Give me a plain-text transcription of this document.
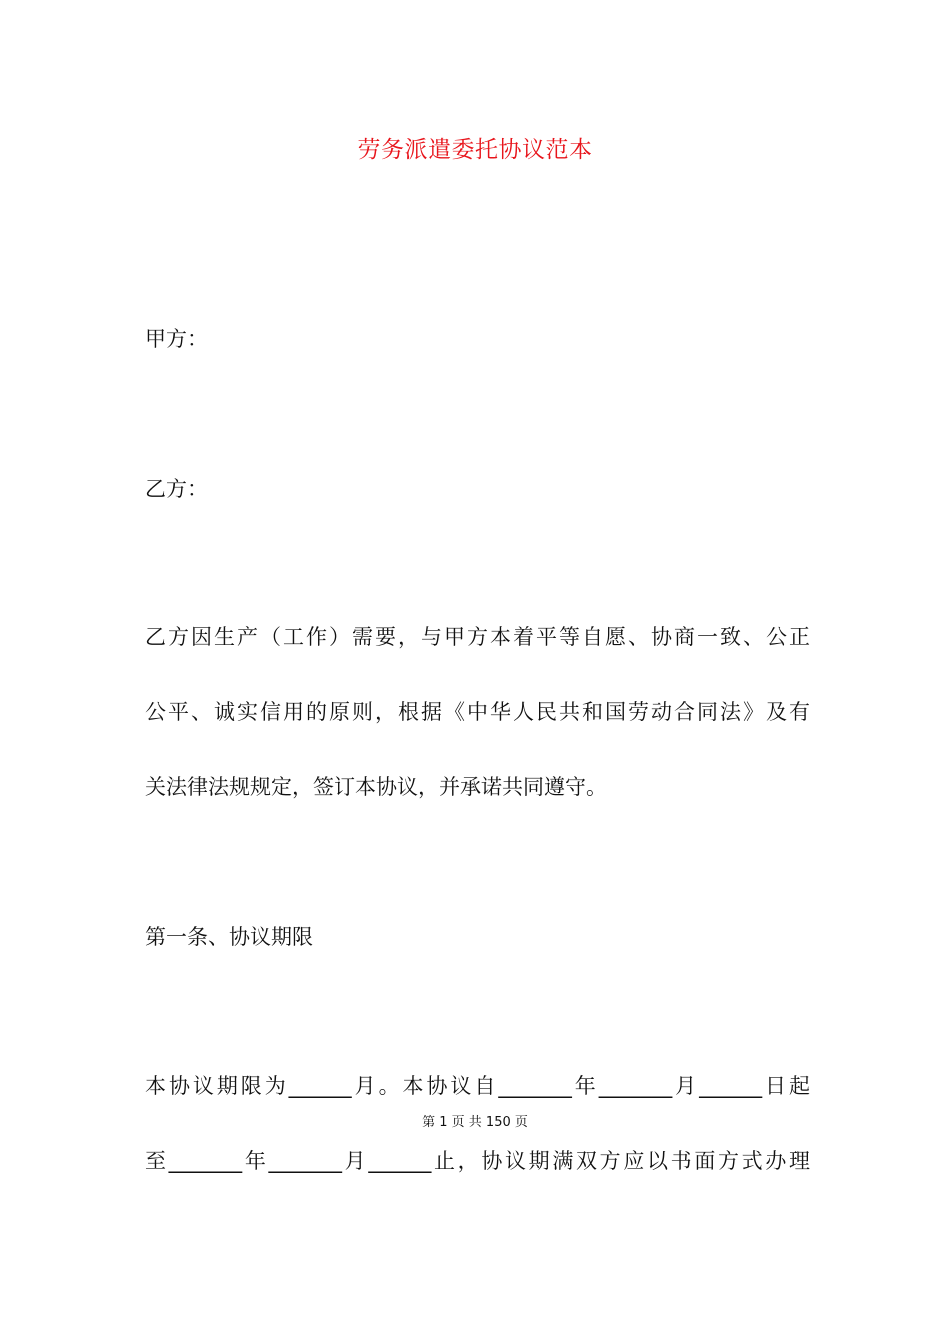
劳务派遣委托协议范本
甲方：
乙方：
乙方因生产（工作）需要，与甲方本着平等自愿、协商一致、公正
公平、诚实信用的原则，根据《中华人民共和国劳动合同法》及有
关法律法规规定，签订本协议，并承诺共同遵守。
第一条、协议期限
本协议期限为______月。本协议自_______年_______月______日起
第 1 页 共 150 页
至_______年_______月______止，协议期满双方应以书面方式办理
